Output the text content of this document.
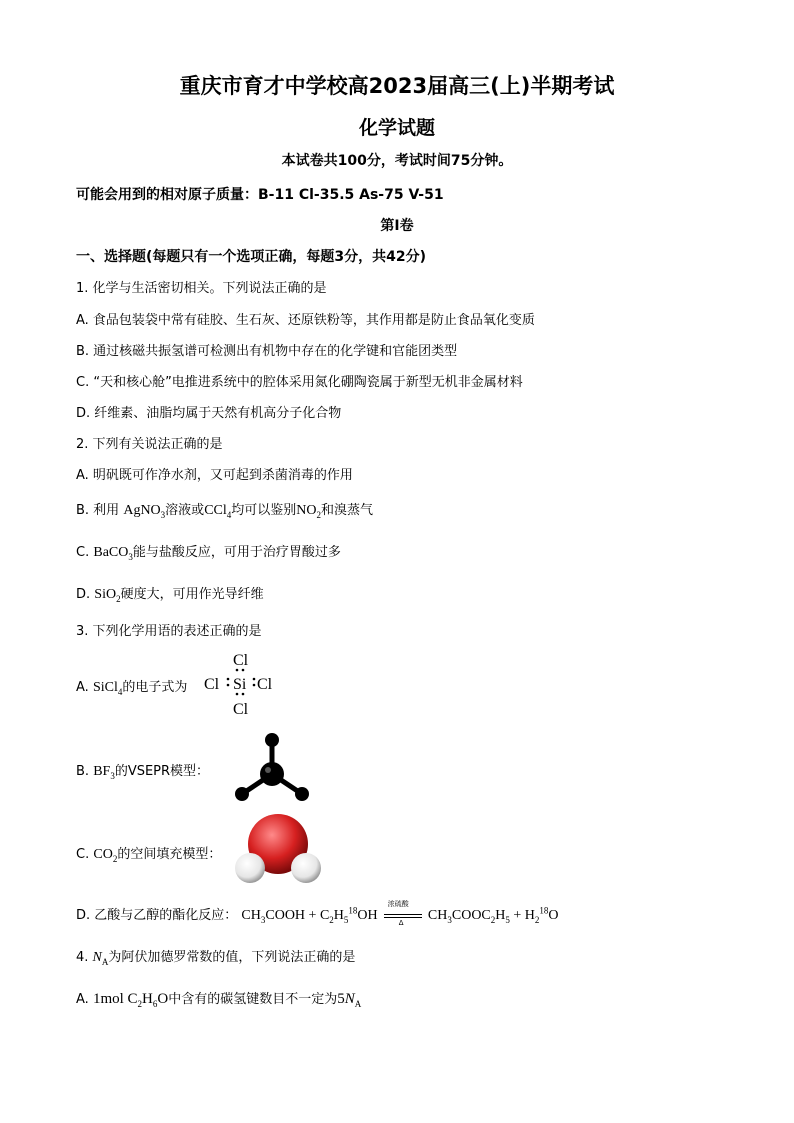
重庆市育才中学校高2023届高三(上)半期考试
化学试题
本试卷共100分，考试时间75分钟。
可能会用到的相对原子质量：B-11 Cl-35.5 As-75 V-51
第I卷
一、选择题(每题只有一个选项正确，每题3分，共42分)
1. 化学与生活密切相关。下列说法正确的是
A. 食品包装袋中常有硅胶、生石灰、还原铁粉等，其作用都是防止食品氧化变质
B. 通过核磁共振氢谱可检测出有机物中存在的化学键和官能团类型
C. “天和核心舱”电推进系统中的腔体采用氮化硼陶瓷属于新型无机非金属材料
D. 纤维素、油脂均属于天然有机高分子化合物
2. 下列有关说法正确的是
A. 明矾既可作净水剂，又可起到杀菌消毒的作用
B. 利用 AgNO$_3$溶液或CCl$_4$均可以鉴别$NO_2$和溴蒸气
C. BaCO$_3$能与盐酸反应，可用于治疗胃酸过多
D. SiO$_2$硬度大，可用作光导纤维
3. 下列化学用语的表述正确的是
A. SiCl$_4$的电子式为
Cl
Cl Si Cl
Cl
B. $BF_3$的VSEPR模型：
C. $CO_2$的空间填充模型：
D. 乙酸与乙醇的酯化反应： $CH_3COOH + C_2H_5^{18}OH$
浓硫酸
Δ $CH_3COOC_2H_5 + H_2^{18}O$
4. $N_A$为阿伏加德罗常数的值，下列说法正确的是
A. 1mol $C_2H_6O$中含有的碳氢键数目不一定为$5N_A$
